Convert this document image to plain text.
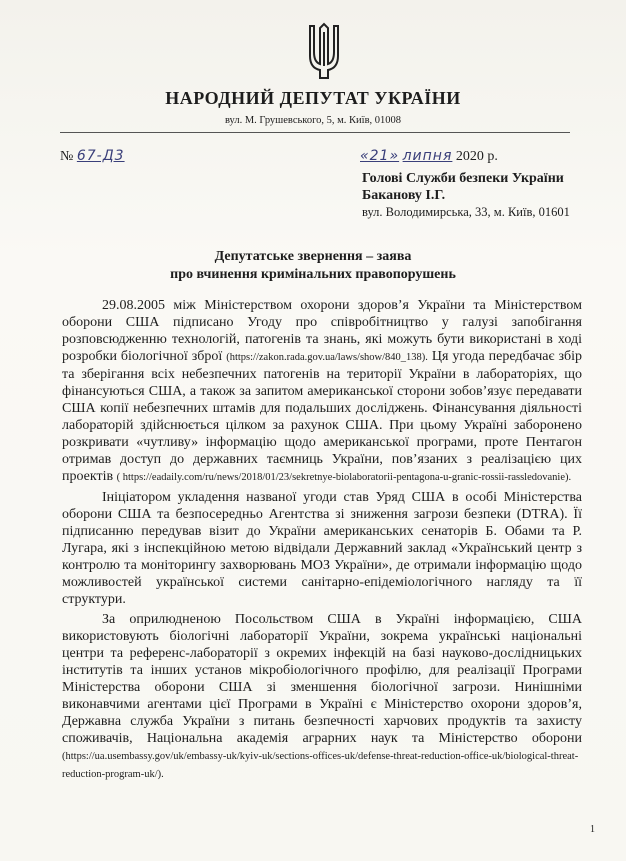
НАРОДНИЙ ДЕПУТАТ УКРАЇНИ
вул. М. Грушевського, 5, м. Київ, 01008
№ 67-Д3	«21» липня 2020 р.
Голові Служби безпеки України
Баканову І.Г.
вул. Володимирська, 33, м. Київ, 01601
Депутатське звернення – заява
про вчинення кримінальних правопорушень

29.08.2005 між Міністерством охорони здоров’я України та Міністерством оборони США підписано Угоду про співробітництво у галузі запобігання розповсюдженню технологій, патогенів та знань, які можуть бути використані в ході розробки біологічної зброї (https://zakon.rada.gov.ua/laws/show/840_138). Ця угода передбачає збір та зберігання всіх небезпечних патогенів на території України в лабораторіях, що фінансуються США, а також за запитом американської сторони зобов’язує передавати США копії небезпечних штамів для подальших досліджень. Фінансування діяльності лабораторій здійснюється цілком за рахунок США. При цьому Україні заборонено розкривати «чутливу» інформацію щодо американської програми, проте Пентагон отримав доступ до державних таємниць України, пов’язаних з реалізацією цих проектів ( https://eadaily.com/ru/news/2018/01/23/sekretnye-biolaboratorii-pentagona-u-granic-rossii-rassledovanie).

Ініціатором укладення названої угоди став Уряд США в особі Міністерства оборони США та безпосередньо Агентства зі зниження загрози безпеки (DTRA). Її підписанню передував візит до України американських сенаторів Б. Обами та Р. Лугара, які з інспекційною метою відвідали Державний заклад «Український центр з контролю та моніторингу захворювань МОЗ України», де отримали інформацію щодо можливостей української системи санітарно-епідеміологічного нагляду та її структури.

За оприлюдненою Посольством США в Україні інформацією, США використовують біологічні лабораторії України, зокрема українські національні центри та референс-лабораторії з окремих інфекцій на базі науково-дослідницьких інститутів та інших установ мікробіологічного профілю, для реалізації Програми Міністерства оборони США зі зменшення біологічної загрози. Нинішніми виконавчими агентами цієї Програми в Україні є Міністерство охорони здоров’я, Державна служба України з питань безпечності харчових продуктів та захисту споживачів, Національна академія аграрних наук та Міністерство оборони (https://ua.usembassy.gov/uk/embassy-uk/kyiv-uk/sections-offices-uk/defense-threat-reduction-office-uk/biological-threat-reduction-program-uk/).

1
